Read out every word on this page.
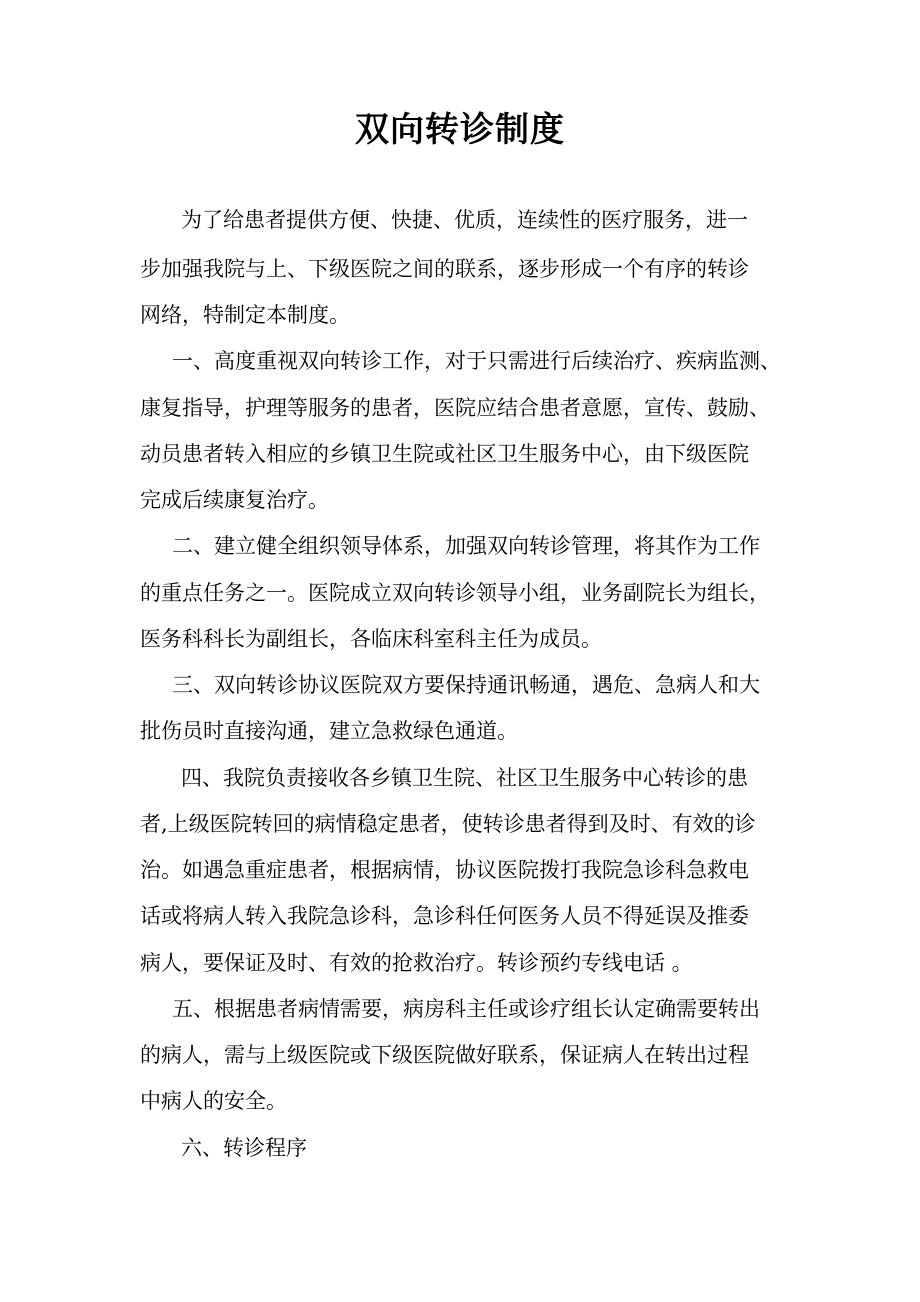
双向转诊制度
为了给患者提供方便、快捷、优质，连续性的医疗服务，进一
步加强我院与上、下级医院之间的联系，逐步形成一个有序的转诊
网络，特制定本制度。
一、高度重视双向转诊工作，对于只需进行后续治疗、疾病监测、
康复指导，护理等服务的患者，医院应结合患者意愿，宣传、鼓励、
动员患者转入相应的乡镇卫生院或社区卫生服务中心，由下级医院
完成后续康复治疗。
二、建立健全组织领导体系，加强双向转诊管理，将其作为工作
的重点任务之一。医院成立双向转诊领导小组，业务副院长为组长，
医务科科长为副组长，各临床科室科主任为成员。
三、双向转诊协议医院双方要保持通讯畅通，遇危、急病人和大
批伤员时直接沟通，建立急救绿色通道。
四、我院负责接收各乡镇卫生院、社区卫生服务中心转诊的患
者,上级医院转回的病情稳定患者，使转诊患者得到及时、有效的诊
治。如遇急重症患者，根据病情，协议医院拨打我院急诊科急救电
话或将病人转入我院急诊科，急诊科任何医务人员不得延误及推委
病人，要保证及时、有效的抢救治疗。转诊预约专线电话 。
五、根据患者病情需要，病房科主任或诊疗组长认定确需要转出
的病人，需与上级医院或下级医院做好联系，保证病人在转出过程
中病人的安全。
六、转诊程序
